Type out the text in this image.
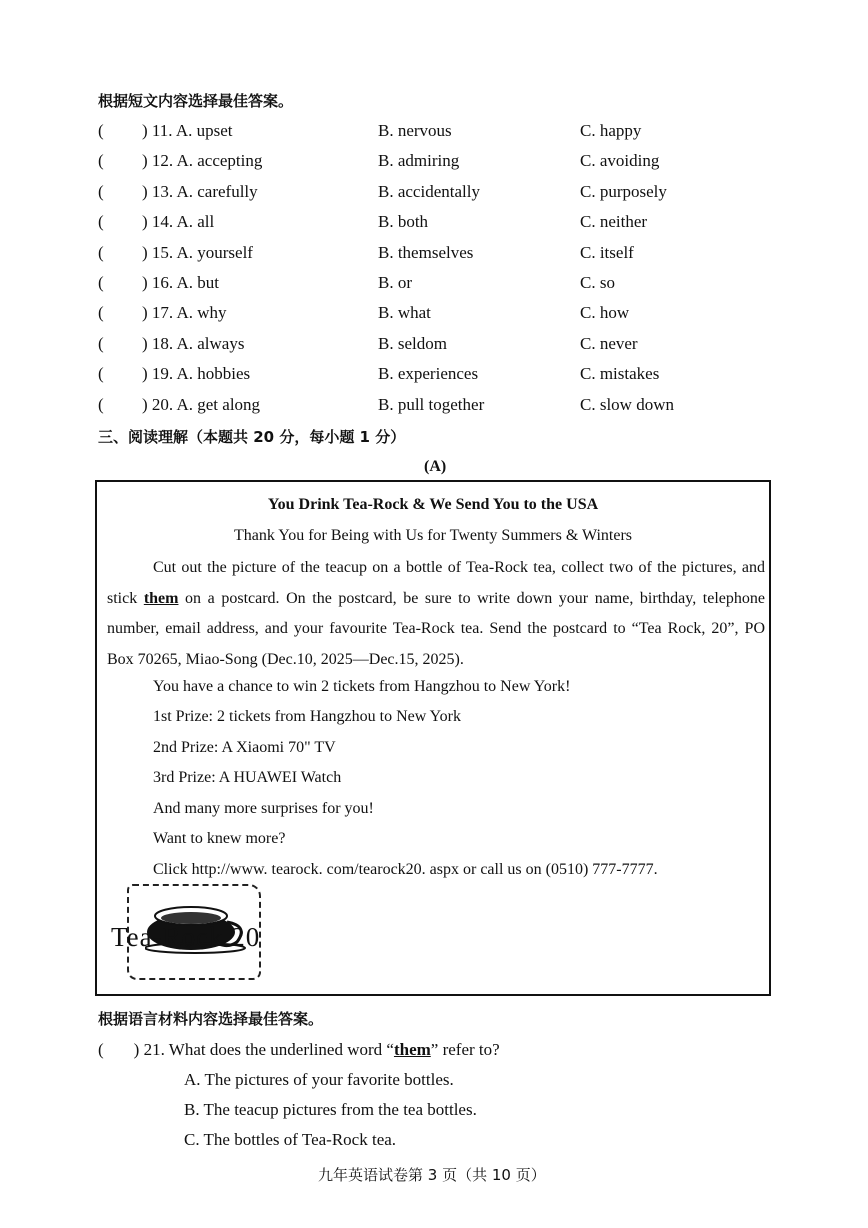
根据短文内容选择最佳答案。
( ) 11. A. upset	B. nervous	C. happy
( ) 12. A. accepting	B. admiring	C. avoiding
( ) 13. A. carefully	B. accidentally	C. purposely
( ) 14. A. all	B. both	C. neither
( ) 15. A. yourself	B. themselves	C. itself
( ) 16. A. but	B. or	C. so
( ) 17. A. why	B. what	C. how
( ) 18. A. always	B. seldom	C. never
( ) 19. A. hobbies	B. experiences	C. mistakes
( ) 20. A. get along	B. pull together	C. slow down
三、阅读理解（本题共 20 分，每小题 1 分）
(A)
You Drink Tea-Rock & We Send You to the USA
Thank You for Being with Us for Twenty Summers & Winters
Cut out the picture of the teacup on a bottle of Tea-Rock tea, collect two of the pictures, and stick them on a postcard. On the postcard, be sure to write down your name, birthday, telephone number, email address, and your favourite Tea-Rock tea. Send the postcard to “Tea Rock, 20”, PO Box 70265, Miao-Song (Dec.10, 2025—Dec.15, 2025).
You have a chance to win 2 tickets from Hangzhou to New York!
1st Prize: 2 tickets from Hangzhou to New York
2nd Prize: A Xiaomi 70" TV
3rd Prize: A HUAWEI Watch
And many more surprises for you!
Want to knew more?
Click http://www. tearock. com/tearock20. aspx or call us on (0510) 777-7777.
Tea-Rock 20
根据语言材料内容选择最佳答案。
( ) 21. What does the underlined word “them” refer to?
A. The pictures of your favorite bottles.
B. The teacup pictures from the tea bottles.
C. The bottles of Tea-Rock tea.
九年英语试卷第 3 页（共 10 页）
